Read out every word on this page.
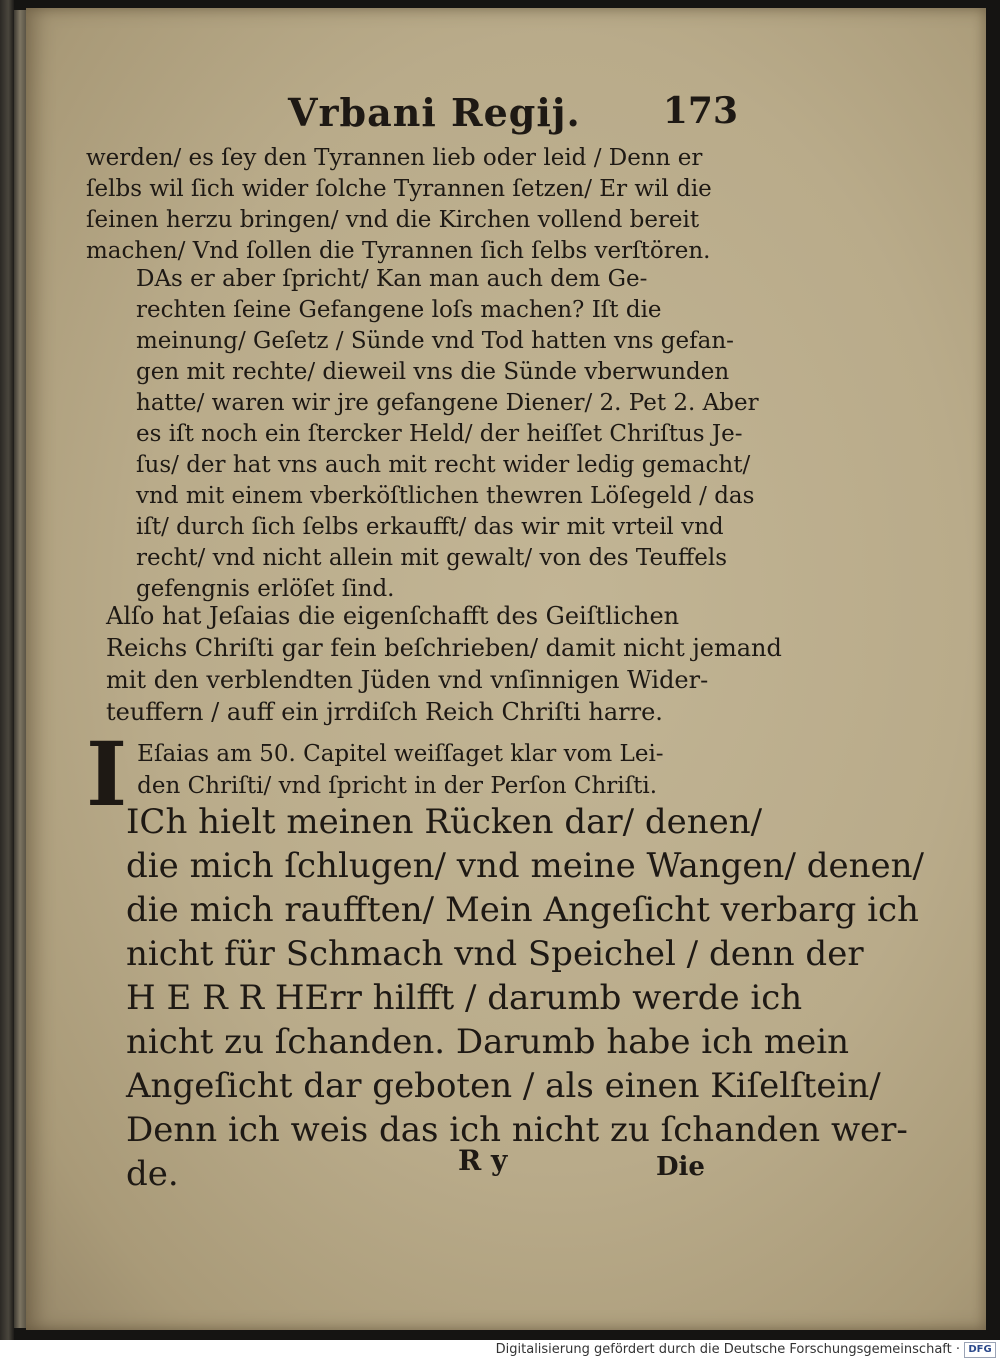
Vrbani Regij. 173
werden/ es ſey den Tyrannen lieb oder leid / Denn er
ſelbs wil ſich wider ſolche Tyrannen ſetzen/ Er wil die
ſeinen herzu bringen/ vnd die Kirchen vollend bereit
machen/ Vnd ſollen die Tyrannen ſich ſelbs verſtören.
DAs er aber ſpricht/ Kan man auch dem Ge-
rechten ſeine Gefangene loſs machen? Iſt die
meinung/ Geſetz / Sünde vnd Tod hatten vns gefan-
gen mit rechte/ dieweil vns die Sünde vberwunden
hatte/ waren wir jre gefangene Diener/ 2. Pet 2. Aber
es iſt noch ein ſtercker Held/ der heiſſet Chriſtus Je-
ſus/ der hat vns auch mit recht wider ledig gemacht/
vnd mit einem vberköſtlichen thewren Löſegeld / das
iſt/ durch ſich ſelbs erkaufft/ das wir mit vrteil vnd
recht/ vnd nicht allein mit gewalt/ von des Teuffels
gefengnis erlöſet ſind.
Alſo hat Jeſaias die eigenſchafft des Geiſtlichen
Reichs Chriſti gar fein beſchrieben/ damit nicht jemand
mit den verblendten Jüden vnd vnſinnigen Wider-
teuffern / auff ein jrrdiſch Reich Chriſti harre.
I Eſaias am 50. Capitel weiſſaget klar vom Lei-
den Chriſti/ vnd ſpricht in der Perſon Chriſti.
ICh hielt meinen Rücken dar/ denen/
die mich ſchlugen/ vnd meine Wangen/ denen/
die mich raufften/ Mein Angeſicht verbarg ich
nicht für Schmach vnd Speichel / denn der
H E R R HErr hilfft / darumb werde ich
nicht zu ſchanden. Darumb habe ich mein
Angeſicht dar geboten / als einen Kiſelſtein/
Denn ich weis das ich nicht zu ſchanden wer-
de.	R y	Die
Digitalisierung gefördert durch die Deutsche Forschungsgemeinschaft · DFG
